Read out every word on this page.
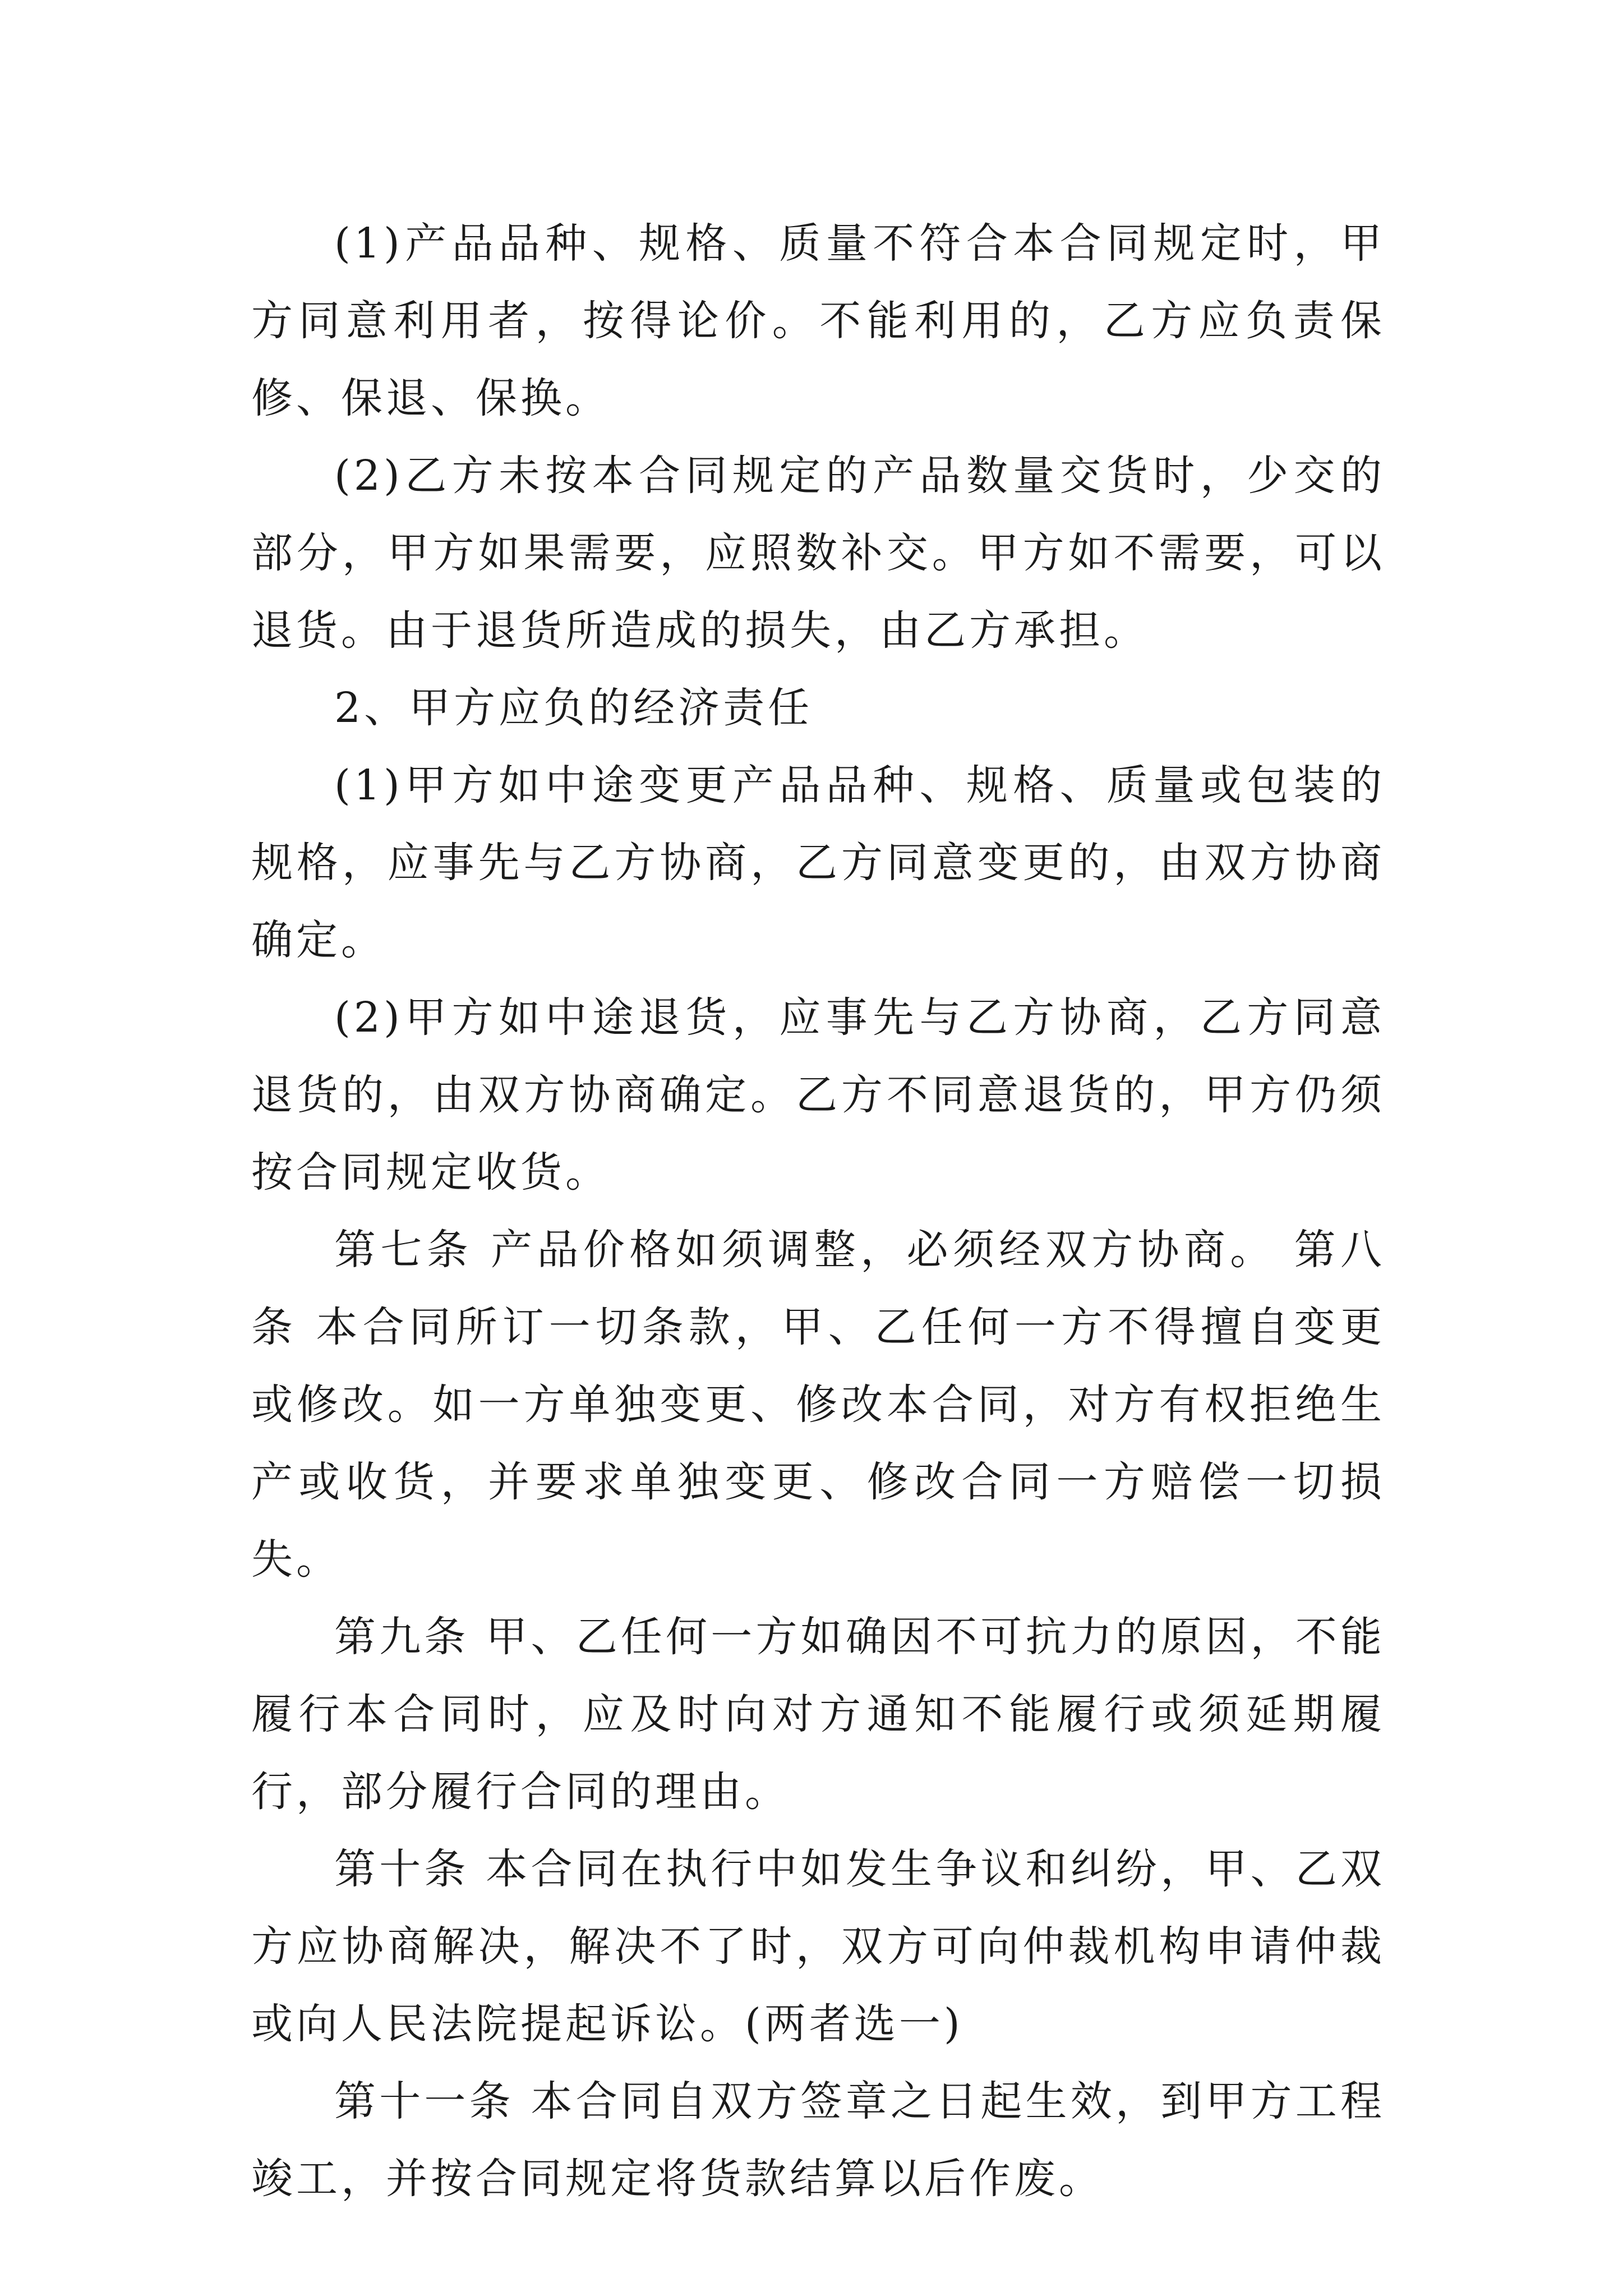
(1)产品品种、规格、质量不符合本合同规定时，甲方同意利用者，按得论价。不能利用的，乙方应负责保修、保退、保换。

(2)乙方未按本合同规定的产品数量交货时，少交的部分，甲方如果需要，应照数补交。甲方如不需要，可以退货。由于退货所造成的损失，由乙方承担。

2、甲方应负的经济责任

(1)甲方如中途变更产品品种、规格、质量或包装的规格，应事先与乙方协商，乙方同意变更的，由双方协商确定。

(2)甲方如中途退货，应事先与乙方协商，乙方同意退货的，由双方协商确定。乙方不同意退货的，甲方仍须按合同规定收货。

第七条 产品价格如须调整，必须经双方协商。 第八条 本合同所订一切条款，甲、乙任何一方不得擅自变更或修改。如一方单独变更、修改本合同，对方有权拒绝生产或收货，并要求单独变更、修改合同一方赔偿一切损失。

第九条 甲、乙任何一方如确因不可抗力的原因，不能履行本合同时，应及时向对方通知不能履行或须延期履行，部分履行合同的理由。

第十条 本合同在执行中如发生争议和纠纷，甲、乙双方应协商解决，解决不了时，双方可向仲裁机构申请仲裁或向人民法院提起诉讼。(两者选一)

第十一条 本合同自双方签章之日起生效，到甲方工程竣工，并按合同规定将货款结算以后作废。
